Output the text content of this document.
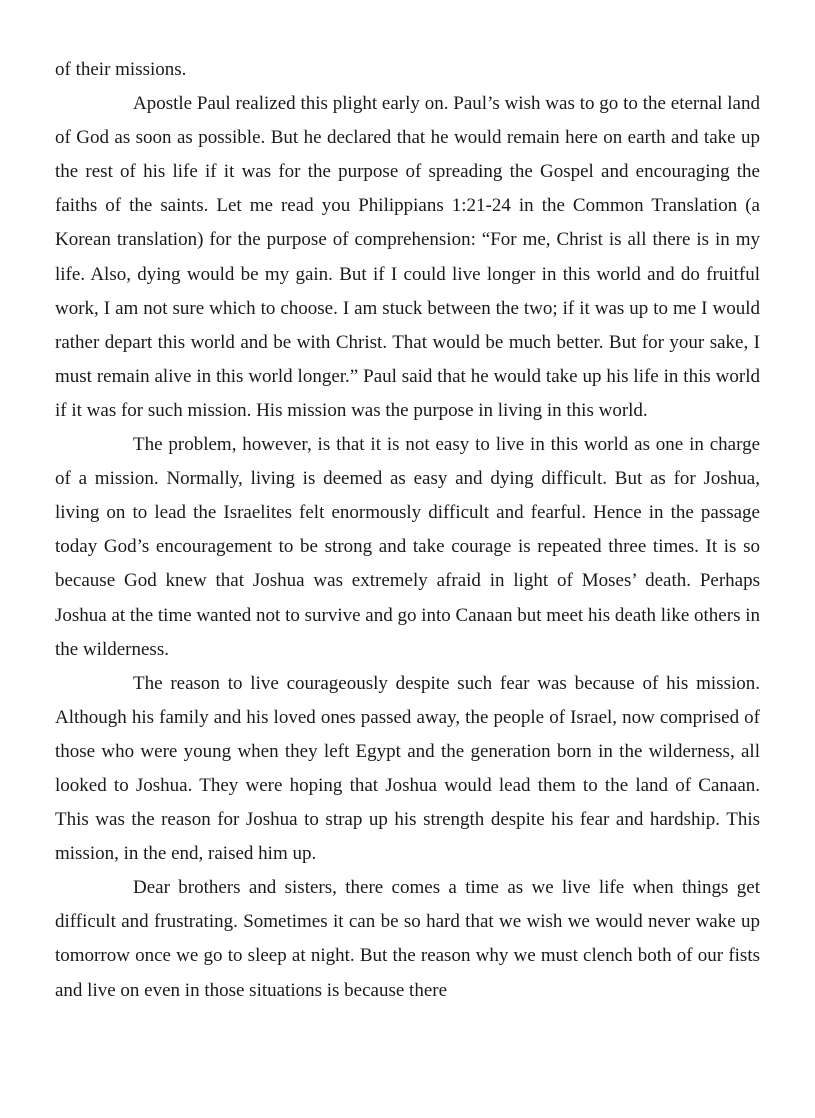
of their missions.

Apostle Paul realized this plight early on. Paul’s wish was to go to the eternal land of God as soon as possible. But he declared that he would remain here on earth and take up the rest of his life if it was for the purpose of spreading the Gospel and encouraging the faiths of the saints. Let me read you Philippians 1:21-24 in the Common Translation (a Korean translation) for the purpose of comprehension: “For me, Christ is all there is in my life. Also, dying would be my gain. But if I could live longer in this world and do fruitful work, I am not sure which to choose. I am stuck between the two; if it was up to me I would rather depart this world and be with Christ. That would be much better. But for your sake, I must remain alive in this world longer.” Paul said that he would take up his life in this world if it was for such mission. His mission was the purpose in living in this world.

The problem, however, is that it is not easy to live in this world as one in charge of a mission. Normally, living is deemed as easy and dying difficult. But as for Joshua, living on to lead the Israelites felt enormously difficult and fearful. Hence in the passage today God’s encouragement to be strong and take courage is repeated three times. It is so because God knew that Joshua was extremely afraid in light of Moses’ death. Perhaps Joshua at the time wanted not to survive and go into Canaan but meet his death like others in the wilderness.

The reason to live courageously despite such fear was because of his mission. Although his family and his loved ones passed away, the people of Israel, now comprised of those who were young when they left Egypt and the generation born in the wilderness, all looked to Joshua. They were hoping that Joshua would lead them to the land of Canaan. This was the reason for Joshua to strap up his strength despite his fear and hardship. This mission, in the end, raised him up.

Dear brothers and sisters, there comes a time as we live life when things get difficult and frustrating. Sometimes it can be so hard that we wish we would never wake up tomorrow once we go to sleep at night. But the reason why we must clench both of our fists and live on even in those situations is because there
